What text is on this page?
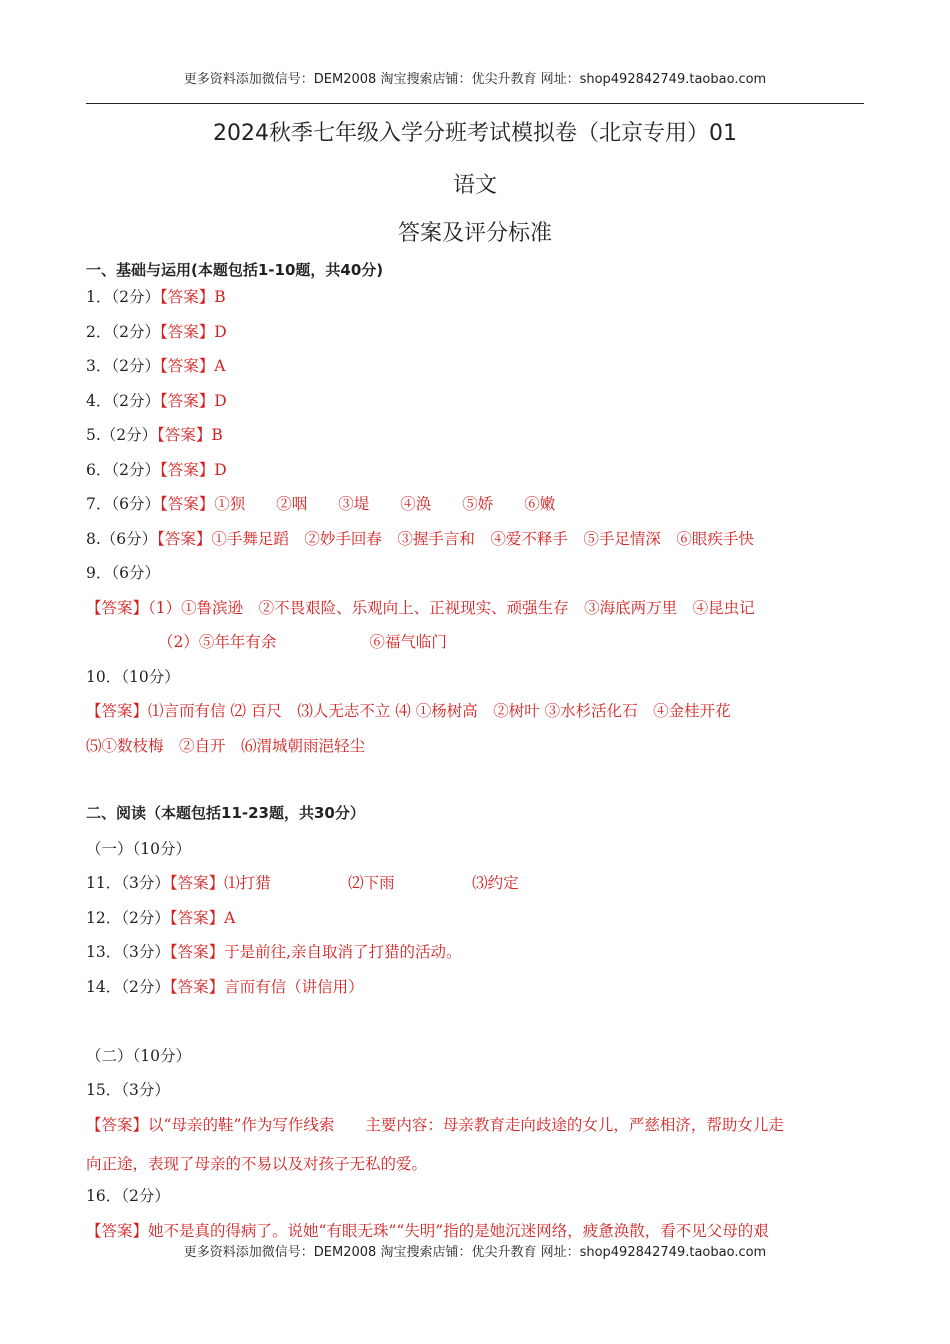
更多资料添加微信号：DEM2008 淘宝搜索店铺：优尖升教育 网址：shop492842749.taobao.com
2024秋季七年级入学分班考试模拟卷（北京专用）01
语文
答案及评分标准
一、基础与运用(本题包括1-10题，共40分)
1．（2分）【答案】B
2．（2分）【答案】D
3．（2分）【答案】A
4．（2分）【答案】D
5.（2分）【答案】B
6．（2分）【答案】D
7．（6分）【答案】①狈　　②咽　　③堤　　④涣　　⑤娇　　⑥嫩
8.（6分）【答案】①手舞足蹈　②妙手回春　③握手言和　④爱不释手　⑤手足情深　⑥眼疾手快
9．（6分）
【答案】（1）①鲁滨逊　②不畏艰险、乐观向上、正视现实、顽强生存　③海底两万里　④昆虫记
（2）⑤年年有余　　　　　　⑥福气临门
10．（10分）
【答案】⑴言而有信 ⑵ 百尺　⑶人无志不立 ⑷ ①杨树高　②树叶 ③水杉活化石　④金桂开花
⑸①数枝梅　②自开　⑹渭城朝雨浥轻尘
二、阅读（本题包括11-23题，共30分）
（一）（10分）
11．（3分）【答案】⑴打猎　　　　　⑵下雨　　　　　⑶约定
12．（2分）【答案】A
13．（3分）【答案】于是前往,亲自取消了打猎的活动。
14．（2分）【答案】言而有信（讲信用）
（二）（10分）
15．（3分）
【答案】以“母亲的鞋”作为写作线索　　主要内容：母亲教育走向歧途的女儿，严慈相济，帮助女儿走
向正途，表现了母亲的不易以及对孩子无私的爱。
16．（2分）
【答案】她不是真的得病了。说她“有眼无珠”“失明”指的是她沉迷网络，疲惫涣散，看不见父母的艰
更多资料添加微信号：DEM2008 淘宝搜索店铺：优尖升教育 网址：shop492842749.taobao.com
